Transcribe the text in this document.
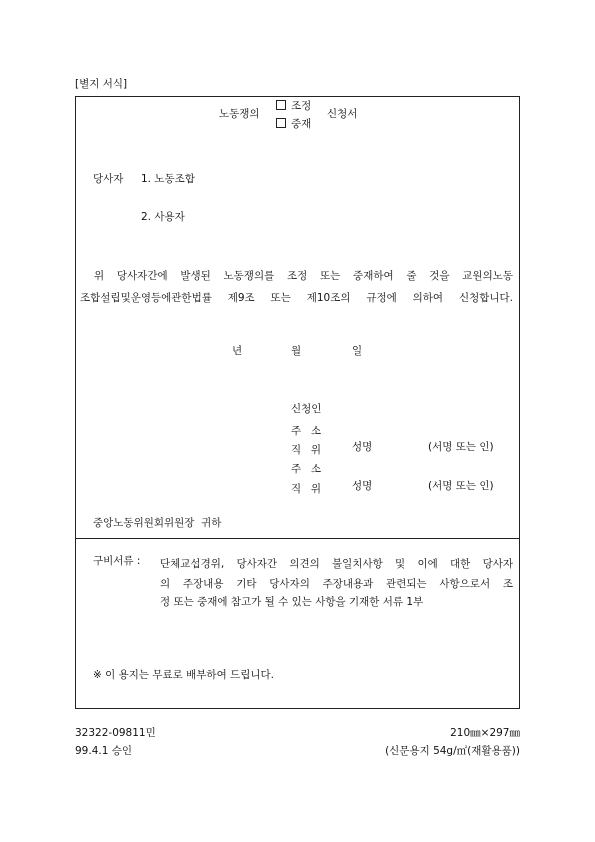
[별지 서식]
노동쟁의
조정
중재
신청서
당사자 1. 노동조합
2. 사용자
위 당사자간에 발생된 노동쟁의를 조정 또는 중재하여 줄 것을 교원의노동
조합설립및운영등에관한법률 제9조 또는 제10조의 규정에 의하여 신청합니다.
년	월	일
신청인
주 소
직 위	성명	(서명 또는 인)
주 소
직 위	성명	(서명 또는 인)
중앙노동위원회위원장  귀하
구비서류 : 단체교섭경위, 당사자간 의견의 불일치사항 및 이에 대한 당사자
의 주장내용 기타 당사자의 주장내용과 관련되는 사항으로서 조
정 또는 중재에 참고가 될 수 있는 사항을 기재한 서류 1부
※ 이 용지는 무료로 배부하여 드립니다.
32322-09811민
99.4.1 승인
210㎜×297㎜
(신문용지 54g/㎡(재활용품))
